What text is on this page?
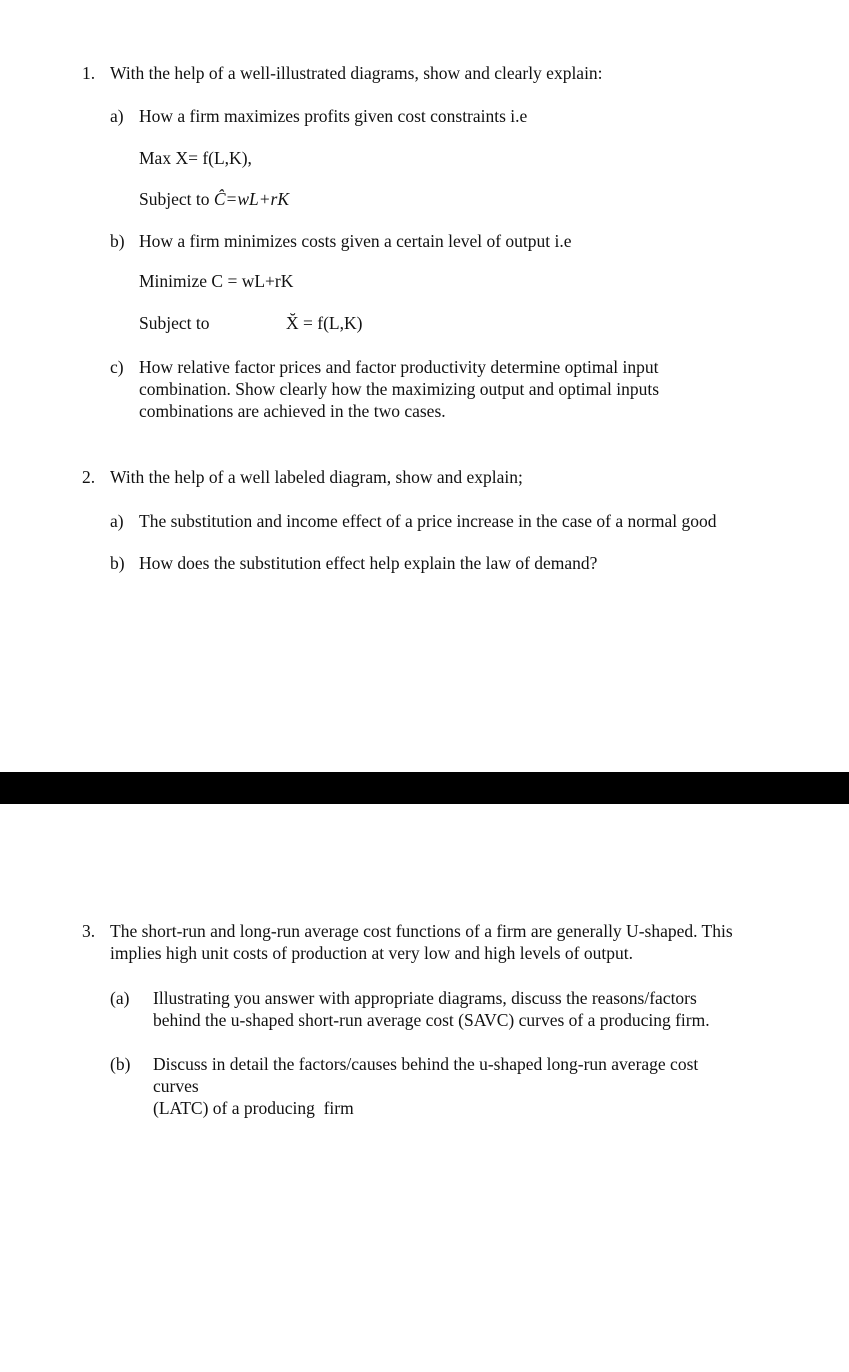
1. With the help of a well-illustrated diagrams, show and clearly explain:
a) How a firm maximizes profits given cost constraints i.e
Max X= f(L,K),
Subject to Ĉ=wL+rK
b) How a firm minimizes costs given a certain level of output i.e
Minimize C = wL+rK
Subject to	X̆ = f(L,K)
c) How relative factor prices and factor productivity determine optimal input
combination. Show clearly how the maximizing output and optimal inputs
combinations are achieved in the two cases.
2. With the help of a well labeled diagram, show and explain;
a) The substitution and income effect of a price increase in the case of a normal good
b) How does the substitution effect help explain the law of demand?
3. The short-run and long-run average cost functions of a firm are generally U-shaped. This
implies high unit costs of production at very low and high levels of output.
(a) Illustrating you answer with appropriate diagrams, discuss the reasons/factors
behind the u-shaped short-run average cost (SAVC) curves of a producing firm.
(b) Discuss in detail the factors/causes behind the u-shaped long-run average cost
curves
(LATC) of a producing  firm
